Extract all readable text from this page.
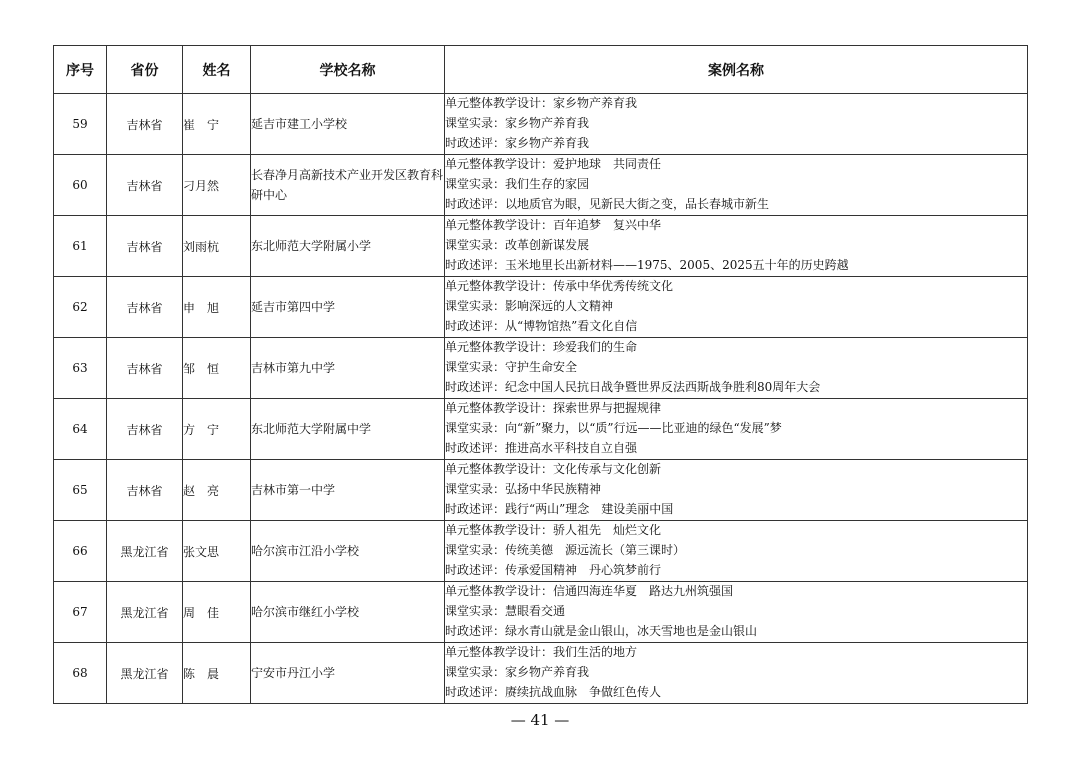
序号	省份	姓名	学校名称	案例名称
59	吉林省	崔　宁	延吉市建工小学校	单元整体教学设计：家乡物产养育我
课堂实录：家乡物产养育我
时政述评：家乡物产养育我

60	吉林省	刁月然	长春净月高新技术产业开发区教育科研中心	单元整体教学设计：爱护地球　共同责任
课堂实录：我们生存的家园
时政述评：以地质官为眼，见新民大街之变，品长春城市新生

61	吉林省	刘雨杭	东北师范大学附属小学	单元整体教学设计：百年追梦　复兴中华
课堂实录：改革创新谋发展
时政述评：玉米地里长出新材料——1975、2005、2025五十年的历史跨越

62	吉林省	申　旭	延吉市第四中学	单元整体教学设计：传承中华优秀传统文化
课堂实录：影响深远的人文精神
时政述评：从“博物馆热”看文化自信

63	吉林省	邹　恒	吉林市第九中学	单元整体教学设计：珍爱我们的生命
课堂实录：守护生命安全
时政述评：纪念中国人民抗日战争暨世界反法西斯战争胜利80周年大会

64	吉林省	方　宁	东北师范大学附属中学	单元整体教学设计：探索世界与把握规律
课堂实录：向“新”聚力，以“质”行远——比亚迪的绿色“发展”梦
时政述评：推进高水平科技自立自强

65	吉林省	赵　亮	吉林市第一中学	单元整体教学设计：文化传承与文化创新
课堂实录：弘扬中华民族精神
时政述评：践行“两山”理念　建设美丽中国

66	黑龙江省	张文思	哈尔滨市江沿小学校	单元整体教学设计：骄人祖先　灿烂文化
课堂实录：传统美德　源远流长（第三课时）
时政述评：传承爱国精神　丹心筑梦前行

67	黑龙江省	周　佳	哈尔滨市继红小学校	单元整体教学设计：信通四海连华夏　路达九州筑强国
课堂实录：慧眼看交通
时政述评：绿水青山就是金山银山，冰天雪地也是金山银山

68	黑龙江省	陈　晨	宁安市丹江小学	单元整体教学设计：我们生活的地方
课堂实录：家乡物产养育我
时政述评：赓续抗战血脉　争做红色传人
— 41 —
